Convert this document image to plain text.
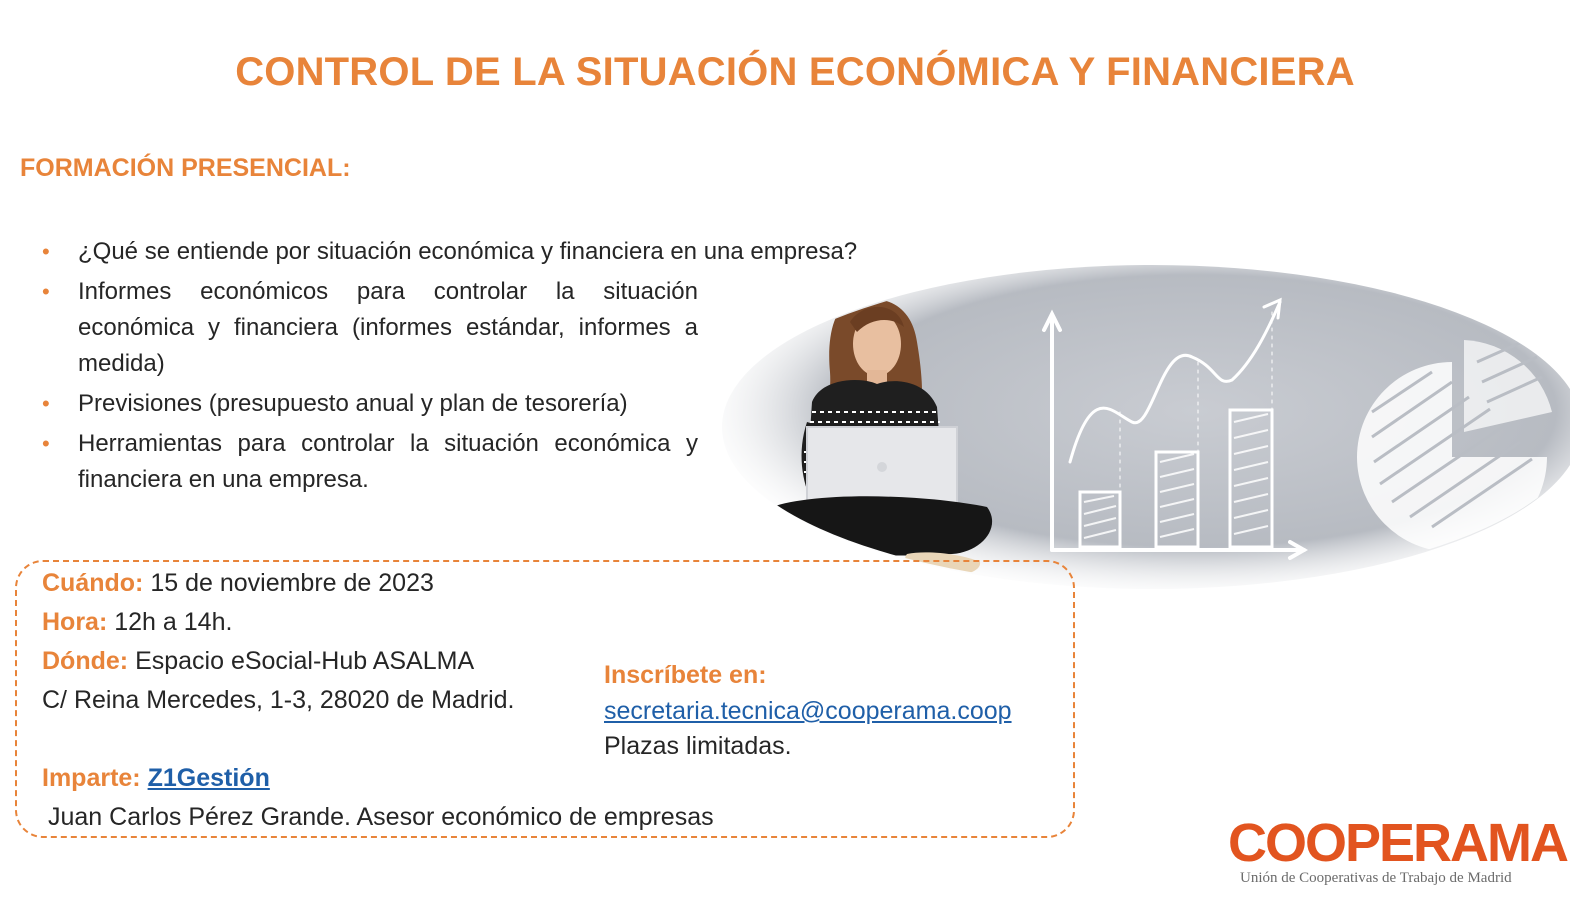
CONTROL DE LA SITUACIÓN ECONÓMICA Y FINANCIERA
FORMACIÓN PRESENCIAL:
• ¿Qué se entiende por situación económica y financiera en una empresa?
• Informes económicos para controlar la situación económica y financiera (informes estándar, informes a medida)
• Previsiones (presupuesto anual y plan de tesorería)
• Herramientas para controlar la situación económica y financiera en una empresa.
Cuándo: 15 de noviembre de 2023
Hora: 12h a 14h.
Dónde: Espacio eSocial-Hub ASALMA
C/ Reina Mercedes, 1-3, 28020 de Madrid.
Imparte: Z1Gestión
Juan Carlos Pérez Grande. Asesor económico de empresas
Inscríbete en:
secretaria.tecnica@cooperama.coop
Plazas limitadas.
COOPERAMA
Unión de Cooperativas de Trabajo de Madrid
